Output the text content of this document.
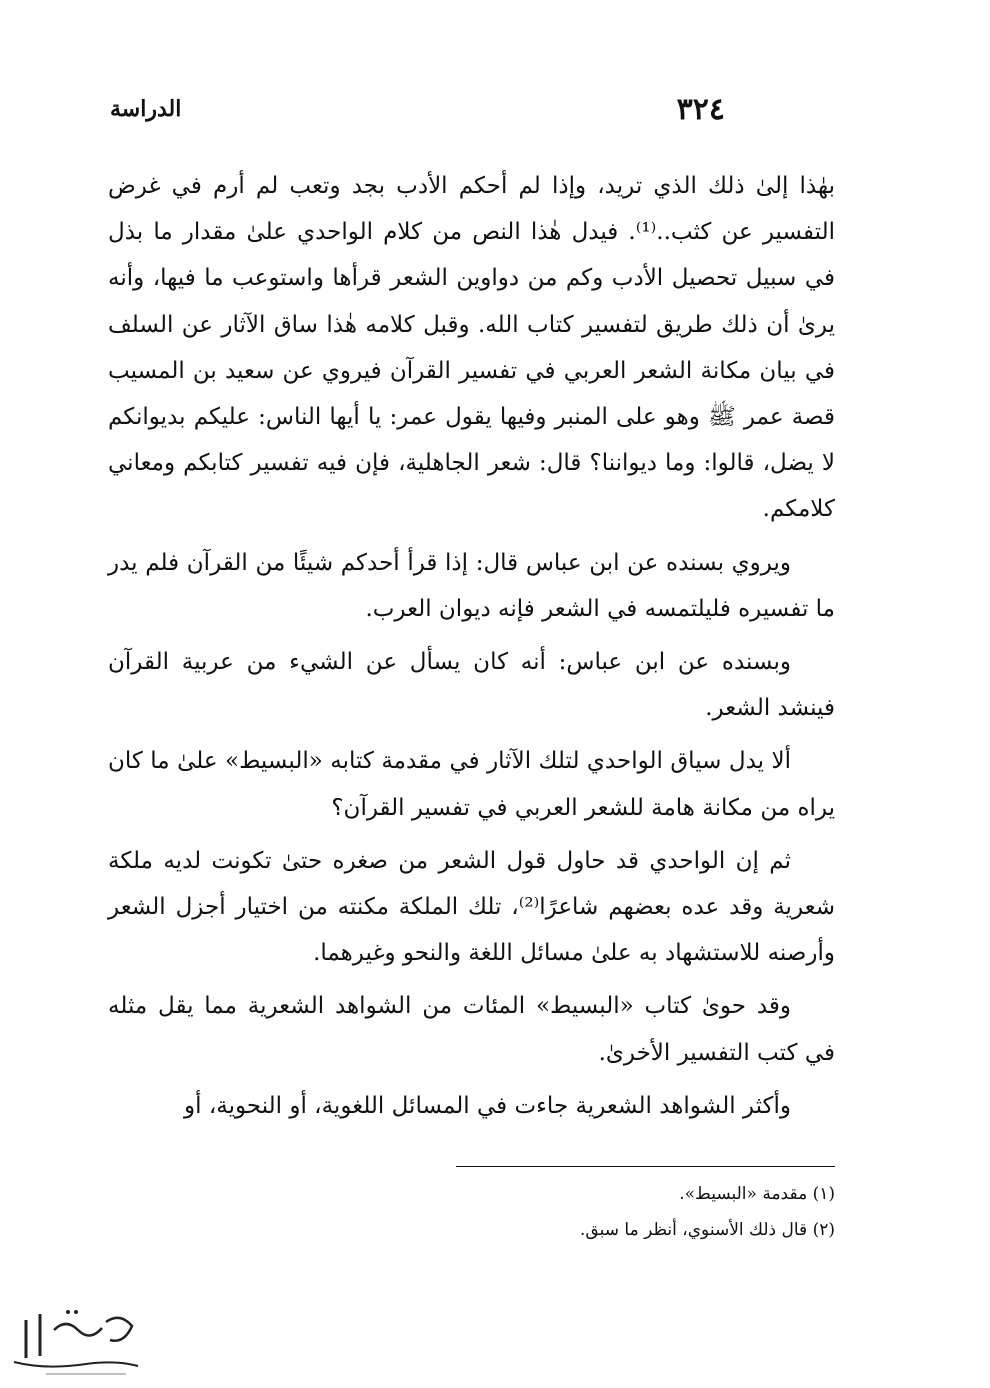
٣٢٤
الدراسة

بهٰذا إلىٰ ذلك الذي تريد، وإذا لم أحكم الأدب بجد وتعب لم أرم في غرض التفسير عن كثب..⁽¹⁾. فيدل هٰذا النص من كلام الواحدي علىٰ مقدار ما بذل في سبيل تحصيل الأدب وكم من دواوين الشعر قرأها واستوعب ما فيها، وأنه يرىٰ أن ذلك طريق لتفسير كتاب الله. وقبل كلامه هٰذا ساق الآثار عن السلف في بيان مكانة الشعر العربي في تفسير القرآن فيروي عن سعيد بن المسيب قصة عمر ﷺ وهو على المنبر وفيها يقول عمر: يا أيها الناس: عليكم بديوانكم لا يضل، قالوا: وما ديواننا؟ قال: شعر الجاهلية، فإن فيه تفسير كتابكم ومعاني كلامكم.

ويروي بسنده عن ابن عباس قال: إذا قرأ أحدكم شيئًا من القرآن فلم يدر ما تفسيره فليلتمسه في الشعر فإنه ديوان العرب.

وبسنده عن ابن عباس: أنه كان يسأل عن الشيء من عربية القرآن فينشد الشعر.

ألا يدل سياق الواحدي لتلك الآثار في مقدمة كتابه «البسيط» علىٰ ما كان يراه من مكانة هامة للشعر العربي في تفسير القرآن؟

ثم إن الواحدي قد حاول قول الشعر من صغره حتىٰ تكونت لديه ملكة شعرية وقد عده بعضهم شاعرًا⁽²⁾، تلك الملكة مكنته من اختيار أجزل الشعر وأرصنه للاستشهاد به علىٰ مسائل اللغة والنحو وغيرهما.

وقد حوىٰ كتاب «البسيط» المئات من الشواهد الشعرية مما يقل مثله في كتب التفسير الأخرىٰ.

وأكثر الشواهد الشعرية جاءت في المسائل اللغوية، أو النحوية، أو

(١) مقدمة «البسيط».
(٢) قال ذلك الأسنوي، أنظر ما سبق.
